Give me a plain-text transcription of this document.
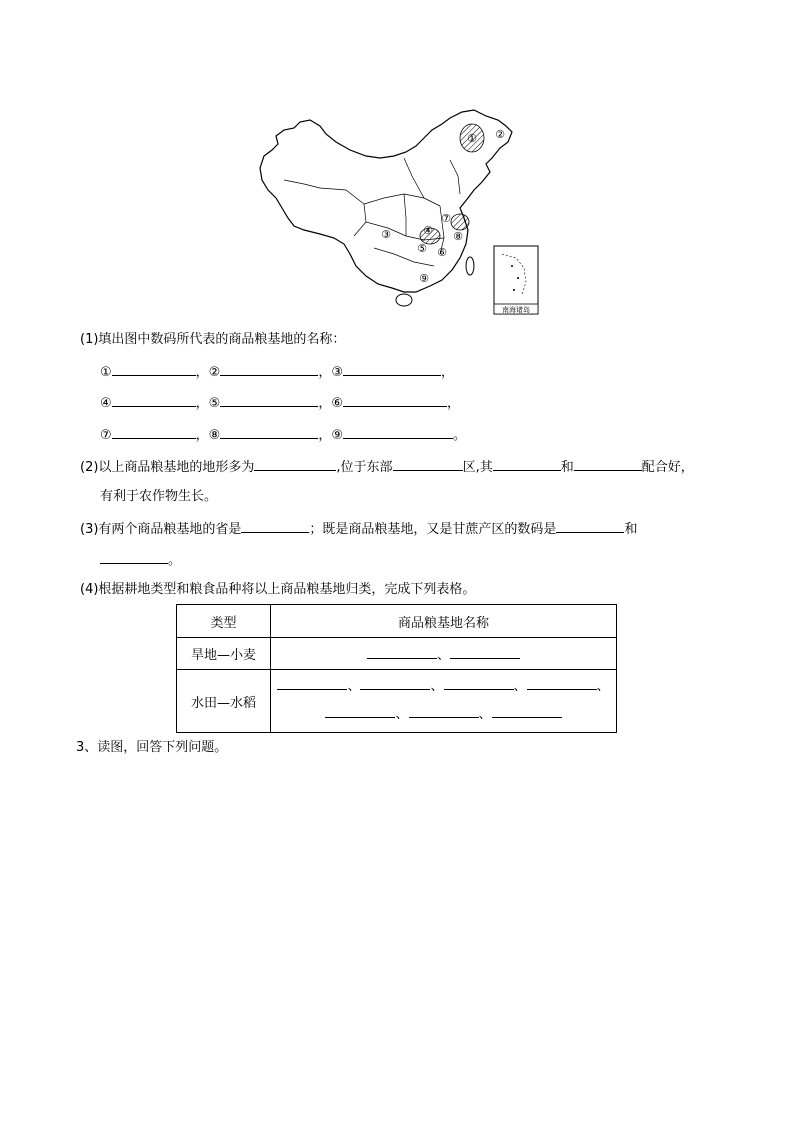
① ②
③	④
⑤ ⑥
⑦
⑧
⑨
南海诸岛
(1)填出图中数码所代表的商品粮基地的名称：
①	，②	，③	，
④	，⑤	，⑥	，
⑦	，⑧	，⑨	。
(2)以上商品粮基地的地形多为	,位于东部	区,其	和	配合好，
有利于农作物生长。
(3)有两个商品粮基地的省是	；既是商品粮基地，又是甘蔗产区的数码是	和
。
(4)根据耕地类型和粮食品种将以上商品粮基地归类，完成下列表格。
类型	商品粮基地名称
旱地—小麦	、
水田—水稻	、 、 、 、
、 、
3、读图，回答下列问题。
